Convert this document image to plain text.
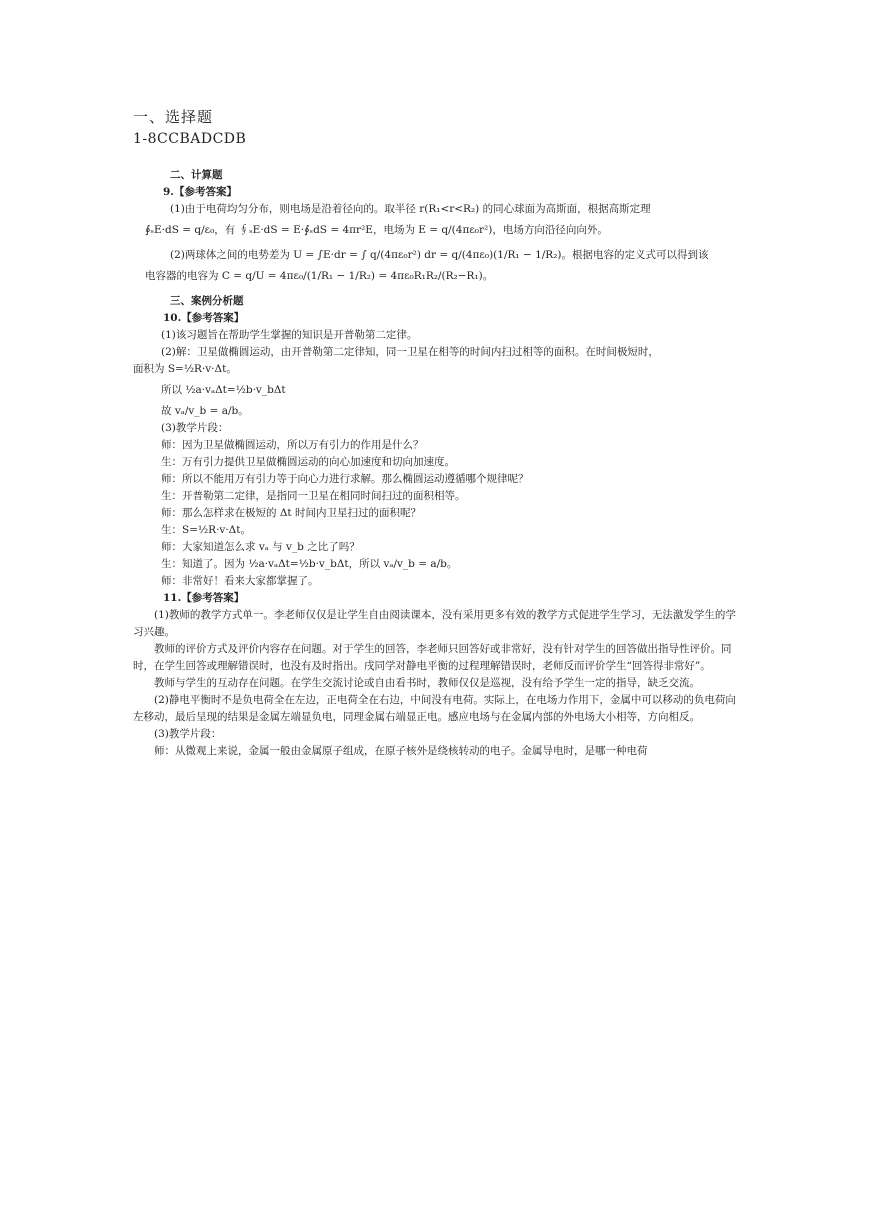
一、选择题
1-8CCBADCDB
二、计算题
9.【参考答案】
(1)由于电荷均匀分布，则电场是沿着径向的。取半径 r(R₁<r<R₂) 的同心球面为高斯面，根据高斯定理
∮ₛE·dS = q/ε₀，有 ∮ₛE·dS = E·∮ₛdS = 4πr²E，电场为 E = q/(4πε₀r²)，电场方向沿径向向外。
(2)两球体之间的电势差为 U = ∫E·dr = ∫ q/(4πε₀r²) dr = q/(4πε₀)(1/R₁ − 1/R₂)。根据电容的定义式可以得到该
电容器的电容为 C = q/U = 4πε₀/(1/R₁ − 1/R₂) = 4πε₀R₁R₂/(R₂−R₁)。
三、案例分析题
10.【参考答案】
(1)该习题旨在帮助学生掌握的知识是开普勒第二定律。
(2)解：卫星做椭圆运动，由开普勒第二定律知，同一卫星在相等的时间内扫过相等的面积。在时间极短时，
面积为 S=½R·v·Δt。
所以 ½a·vₐΔt=½b·v_bΔt
故 vₐ/v_b = a/b。
(3)教学片段：
师：因为卫星做椭圆运动，所以万有引力的作用是什么？
生：万有引力提供卫星做椭圆运动的向心加速度和切向加速度。
师：所以不能用万有引力等于向心力进行求解。那么椭圆运动遵循哪个规律呢？
生：开普勒第二定律，是指同一卫星在相同时间扫过的面积相等。
师：那么怎样求在极短的 Δt 时间内卫星扫过的面积呢？
生：S=½R·v·Δt。
师：大家知道怎么求 vₐ 与 v_b 之比了吗？
生：知道了。因为 ½a·vₐΔt=½b·v_bΔt，所以 vₐ/v_b = a/b。
师：非常好！看来大家都掌握了。
11.【参考答案】
(1)教师的教学方式单一。李老师仅仅是让学生自由阅读课本，没有采用更多有效的教学方式促进学生学习，无法激发学生的学习兴趣。
教师的评价方式及评价内容存在问题。对于学生的回答，李老师只回答好或非常好，没有针对学生的回答做出指导性评价。同时，在学生回答或理解错误时，也没有及时指出。戌同学对静电平衡的过程理解错误时，老师反而评价学生“回答得非常好”。
教师与学生的互动存在问题。在学生交流讨论或自由看书时，教师仅仅是巡视，没有给予学生一定的指导，缺乏交流。
(2)静电平衡时不是负电荷全在左边，正电荷全在右边，中间没有电荷。实际上，在电场力作用下，金属中可以移动的负电荷向左移动，最后呈现的结果是金属左端显负电，同理金属右端显正电。感应电场与在金属内部的外电场大小相等，方向相反。
(3)教学片段：
师：从微观上来说，金属一般由金属原子组成，在原子核外是绕核转动的电子。金属导电时，是哪一种电荷
